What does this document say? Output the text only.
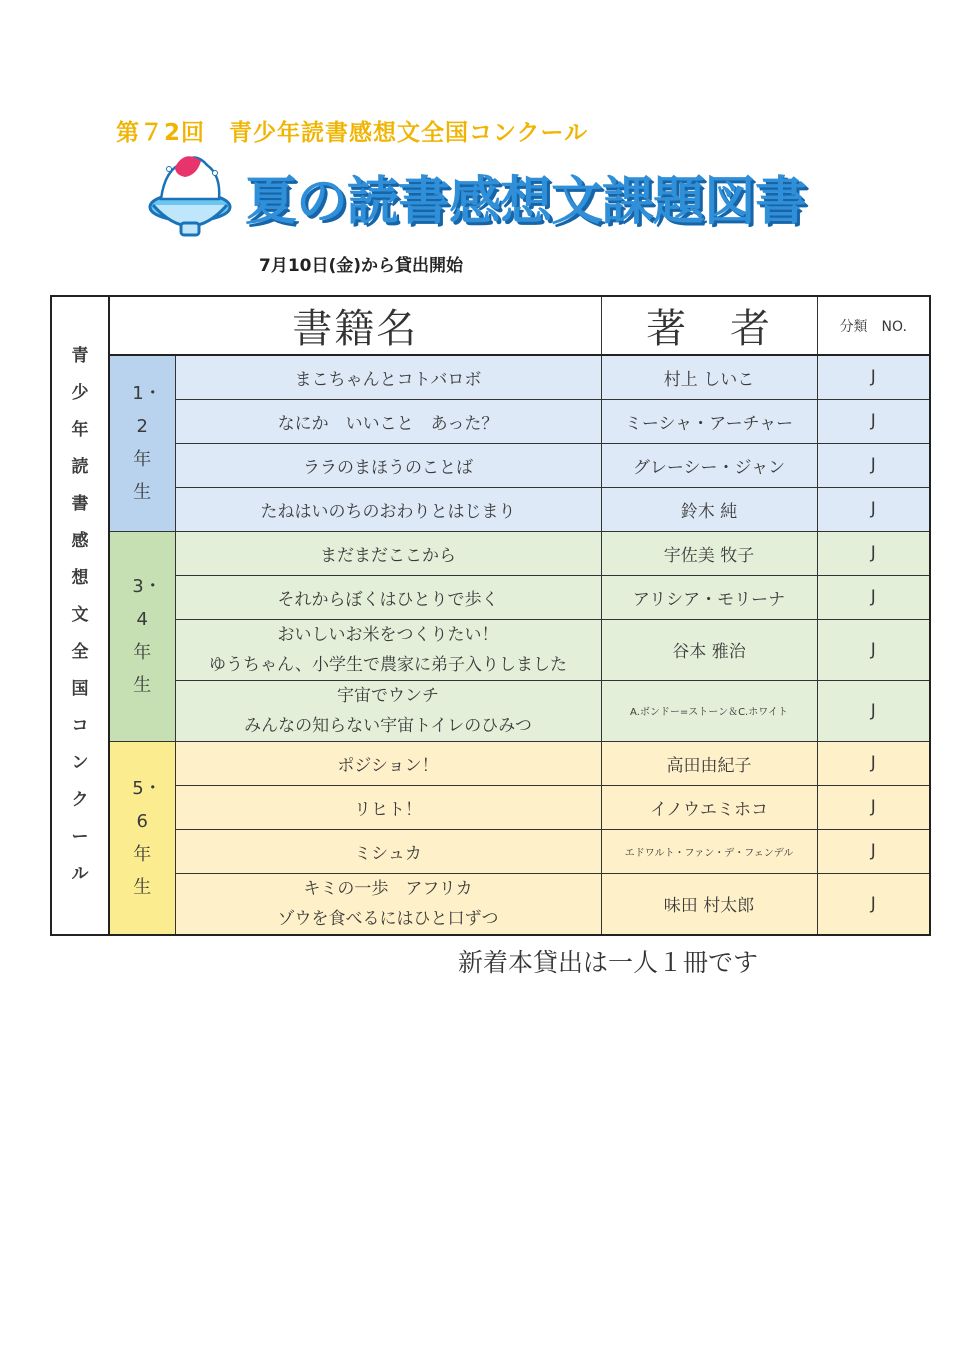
第７2回　青少年読書感想文全国コンクール
夏の読書感想文課題図書
7月10日(金)から貸出開始
青少年読書感想文　全国コンクール	書籍名		著　者	分類　NO.

	1・2年生	まこちゃんとコトバロボ	村上 しいこ	J
		なにか　いいこと　あった？	ミーシャ・アーチャー	J
		ララのまほうのことば	グレーシー・ジャン	J
		たねはいのちのおわりとはじまり	鈴木 純	J

	3・4年生	まだまだここから	宇佐美 牧子	J
		それからぼくはひとりで歩く	アリシア・モリーナ	J

		おいしいお米をつくりたい！
ゆうちゃん、小学生で農家に弟子入りしました	谷本 雅治	J

		宇宙でウンチ
みんなの知らない宇宙トイレのひみつ	A.ボンドー=ストーン＆C.ホワイト	J

	5・6年生	ポジション！	高田由紀子	J
		リヒト！	イノウエミホコ	J
		ミシュカ	エドワルト・ファン・デ・フェンデル	J

		キミの一歩　アフリカ
ゾウを食べるにはひと口ずつ	味田 村太郎	J
新着本貸出は一人１冊です
